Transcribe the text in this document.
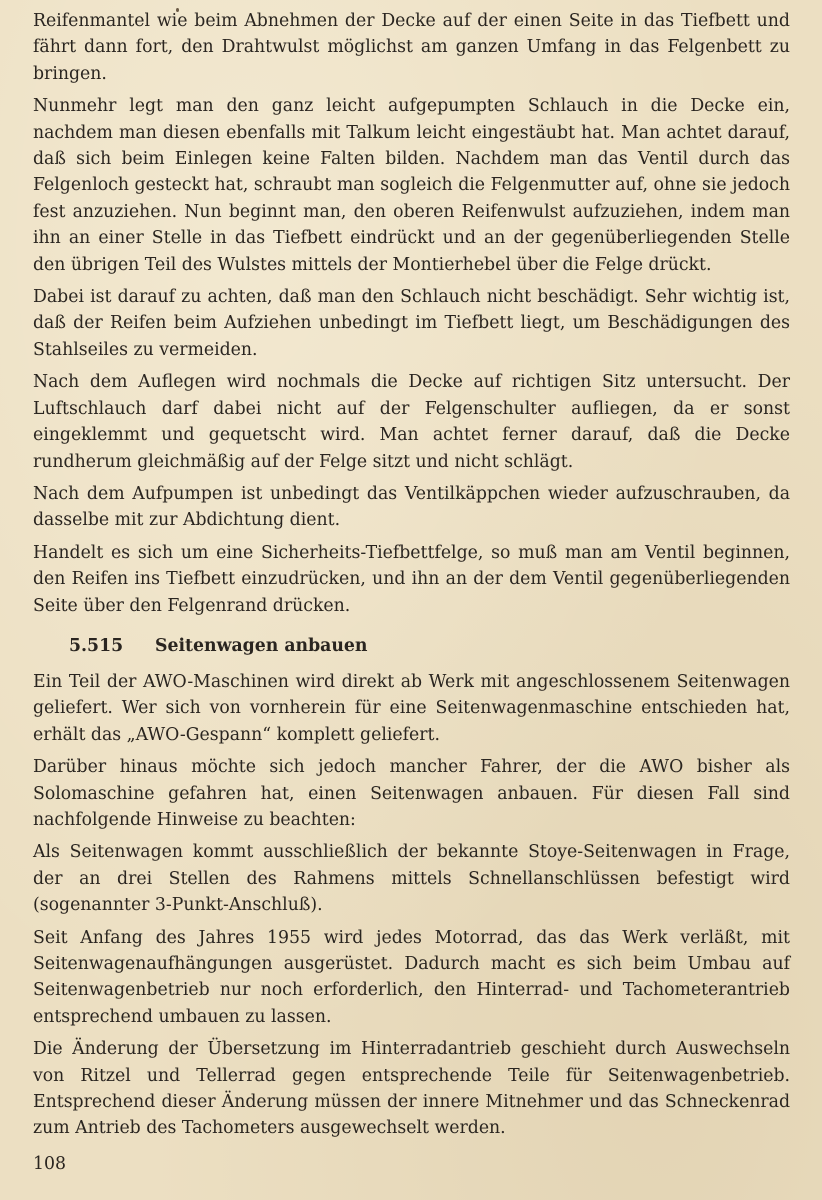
Reifenmantel wie beim Abnehmen der Decke auf der einen Seite in das Tiefbett und fährt dann fort, den Drahtwulst möglichst am ganzen Umfang in das Felgenbett zu bringen.

Nunmehr legt man den ganz leicht aufgepumpten Schlauch in die Decke ein, nachdem man diesen ebenfalls mit Talkum leicht eingestäubt hat. Man achtet darauf, daß sich beim Einlegen keine Falten bilden. Nachdem man das Ventil durch das Felgenloch gesteckt hat, schraubt man sogleich die Felgenmutter auf, ohne sie jedoch fest anzuziehen. Nun beginnt man, den oberen Reifenwulst aufzuziehen, indem man ihn an einer Stelle in das Tiefbett eindrückt und an der gegenüberliegenden Stelle den übrigen Teil des Wulstes mittels der Montierhebel über die Felge drückt.

Dabei ist darauf zu achten, daß man den Schlauch nicht beschädigt. Sehr wichtig ist, daß der Reifen beim Aufziehen unbedingt im Tiefbett liegt, um Beschädigungen des Stahlseiles zu vermeiden.

Nach dem Auflegen wird nochmals die Decke auf richtigen Sitz untersucht. Der Luftschlauch darf dabei nicht auf der Felgenschulter aufliegen, da er sonst eingeklemmt und gequetscht wird. Man achtet ferner darauf, daß die Decke rundherum gleichmäßig auf der Felge sitzt und nicht schlägt.

Nach dem Aufpumpen ist unbedingt das Ventilkäppchen wieder aufzuschrauben, da dasselbe mit zur Abdichtung dient.

Handelt es sich um eine Sicherheits-Tiefbettfelge, so muß man am Ventil beginnen, den Reifen ins Tiefbett einzudrücken, und ihn an der dem Ventil gegenüberliegenden Seite über den Felgenrand drücken.

5.515	Seitenwagen anbauen

Ein Teil der AWO-Maschinen wird direkt ab Werk mit angeschlossenem Seitenwagen geliefert. Wer sich von vornherein für eine Seitenwagenmaschine entschieden hat, erhält das „AWO-Gespann“ komplett geliefert.

Darüber hinaus möchte sich jedoch mancher Fahrer, der die AWO bisher als Solomaschine gefahren hat, einen Seitenwagen anbauen. Für diesen Fall sind nachfolgende Hinweise zu beachten:

Als Seitenwagen kommt ausschließlich der bekannte Stoye-Seitenwagen in Frage, der an drei Stellen des Rahmens mittels Schnellanschlüssen befestigt wird (sogenannter 3-Punkt-Anschluß).

Seit Anfang des Jahres 1955 wird jedes Motorrad, das das Werk verläßt, mit Seitenwagenaufhängungen ausgerüstet. Dadurch macht es sich beim Umbau auf Seitenwagenbetrieb nur noch erforderlich, den Hinterrad- und Tachometerantrieb entsprechend umbauen zu lassen.

Die Änderung der Übersetzung im Hinterradantrieb geschieht durch Auswechseln von Ritzel und Tellerrad gegen entsprechende Teile für Seitenwagenbetrieb. Entsprechend dieser Änderung müssen der innere Mitnehmer und das Schneckenrad zum Antrieb des Tachometers ausgewechselt werden.

108
